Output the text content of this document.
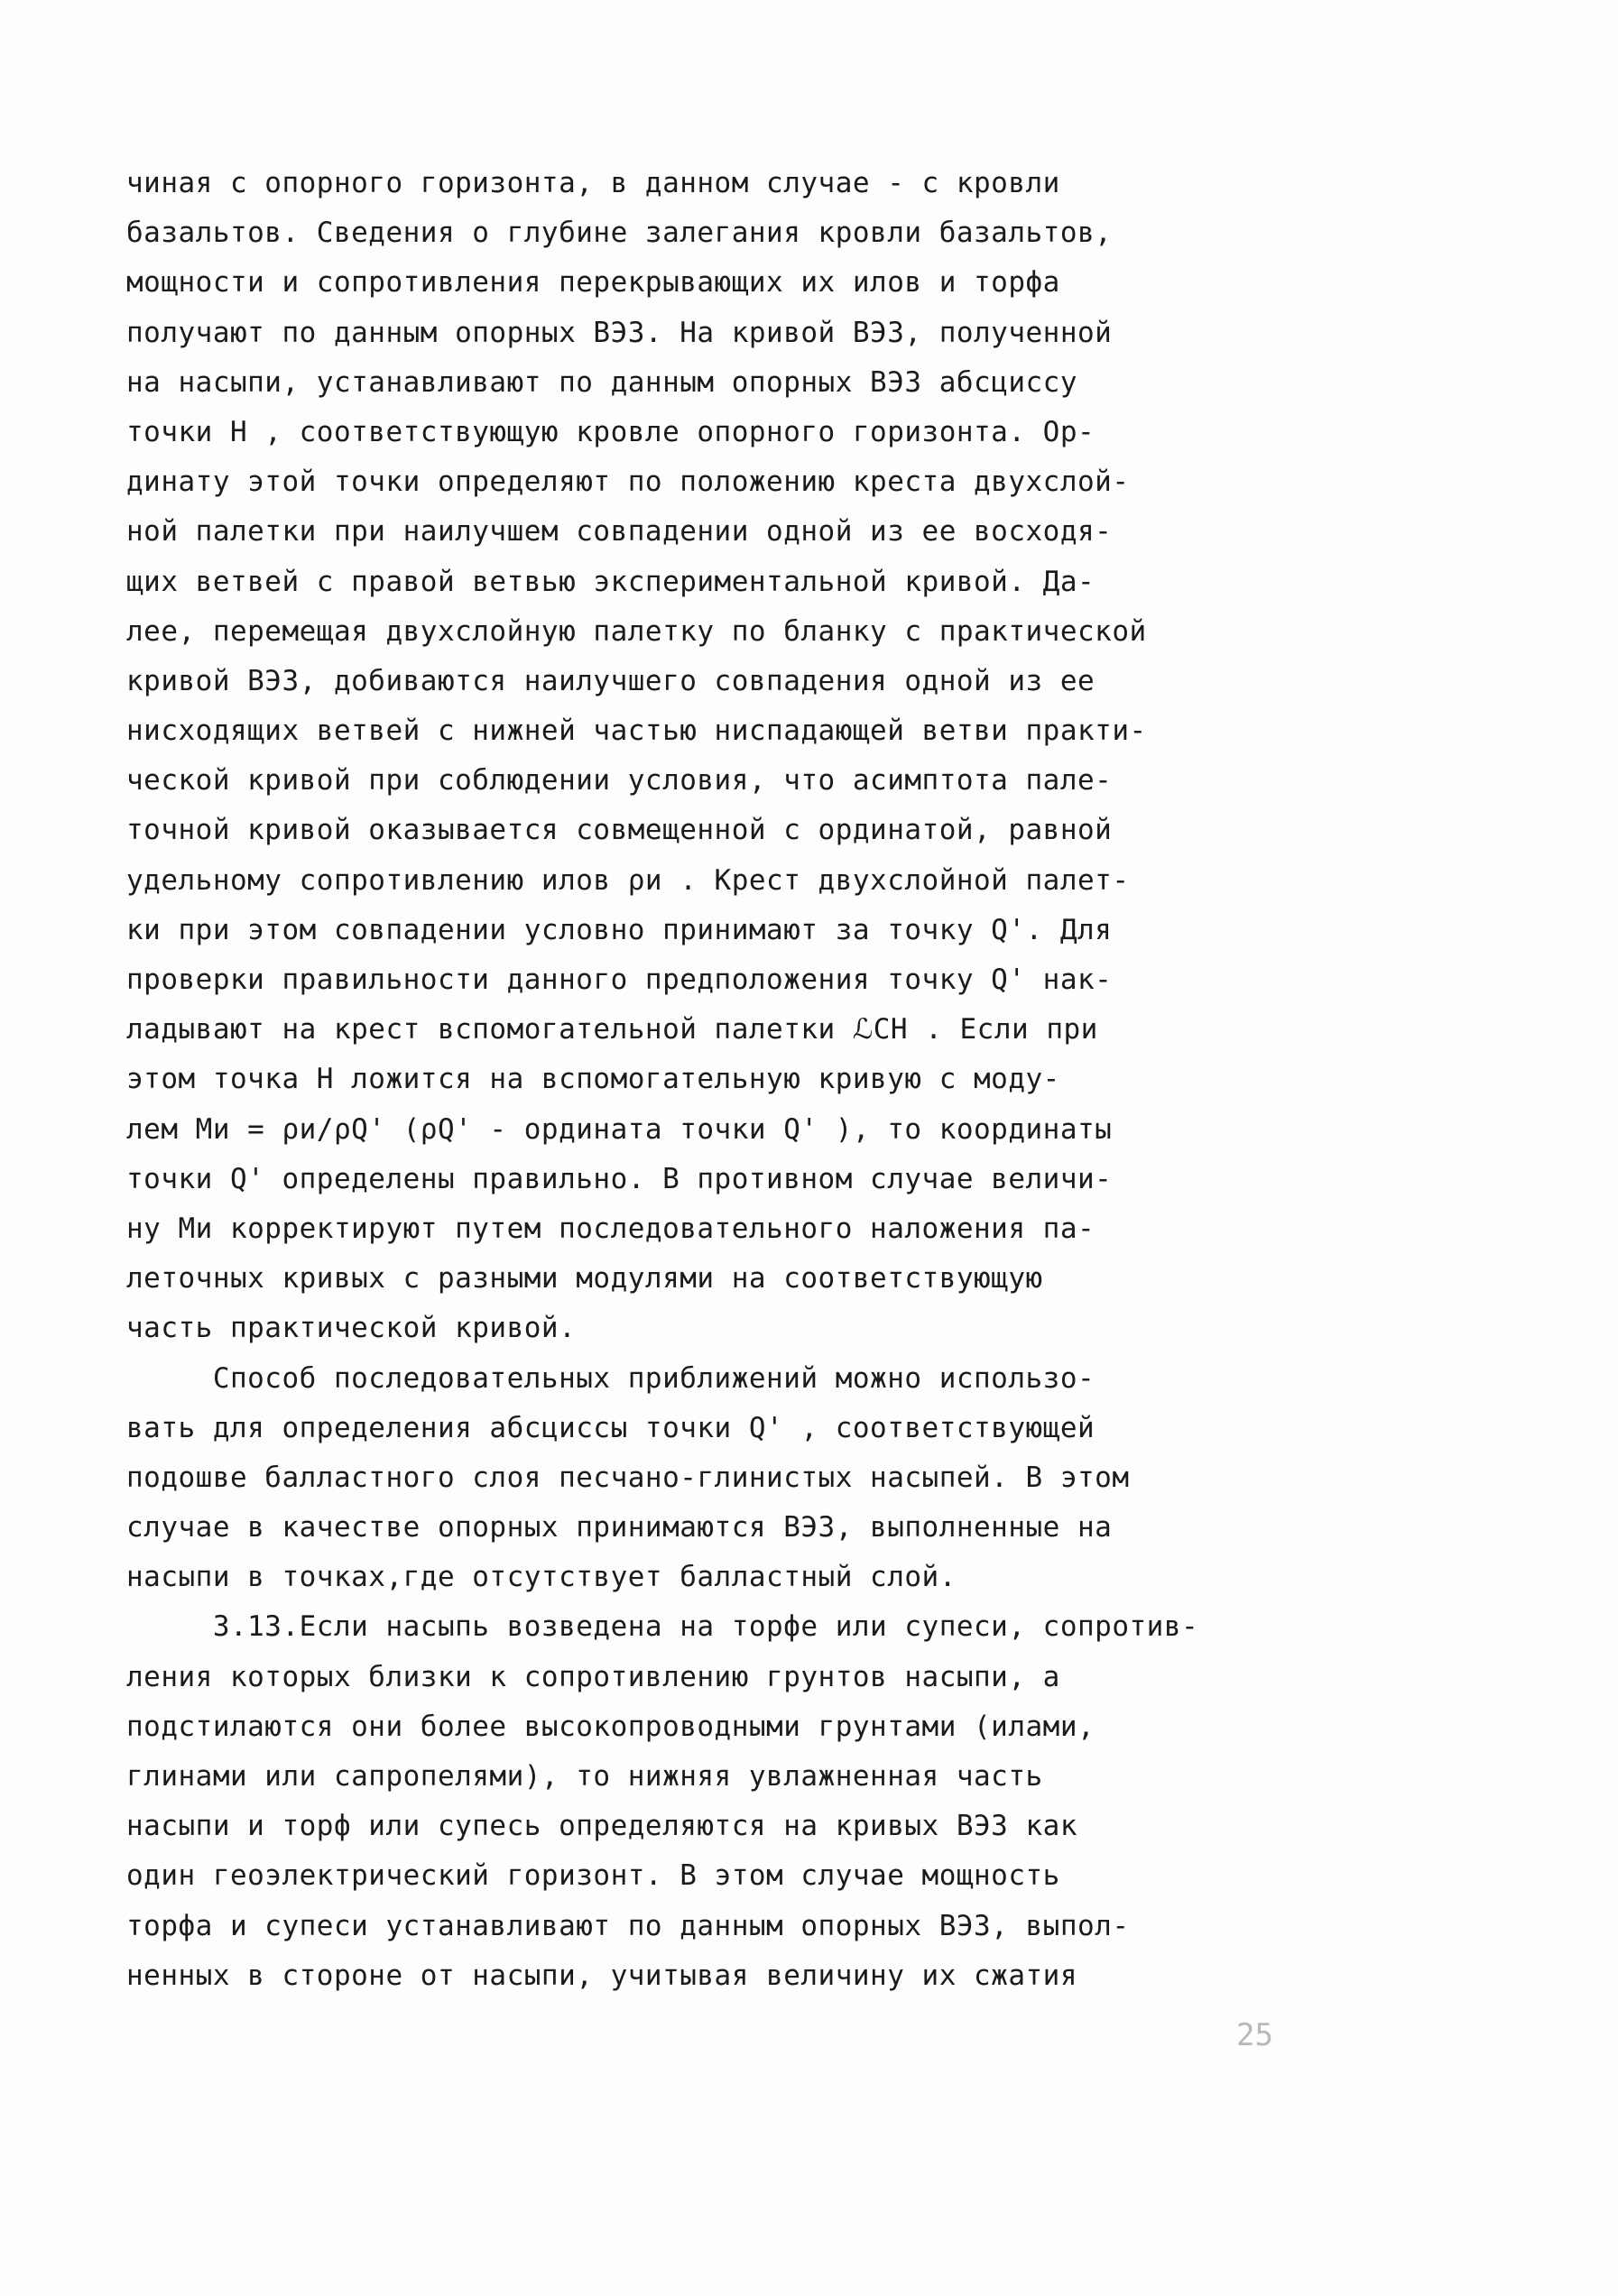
чиная с опорного горизонта, в данном случае - с кровли
базальтов. Сведения о глубине залегания кровли базальтов,
мощности и сопротивления перекрывающих их илов и торфа
получают по данным опорных ВЭЗ. На кривой ВЭЗ, полученной
на насыпи, устанавливают по данным опорных ВЭЗ абсциссу
точки H , соответствующую кровле опорного горизонта. Ор-
динату этой точки определяют по положению креста двухслой-
ной палетки при наилучшем совпадении одной из ее восходя-
щих ветвей с правой ветвью экспериментальной кривой. Да-
лее, перемещая двухслойную палетку по бланку с практической
кривой ВЭЗ, добиваются наилучшего совпадения одной из ее
нисходящих ветвей с нижней частью ниспадающей ветви практи-
ческой кривой при соблюдении условия, что асимптота пале-
точной кривой оказывается совмещенной с ординатой, равной
удельному сопротивлению илов ρи . Крест двухслойной палет-
ки при этом совпадении условно принимают за точку Q'. Для
проверки правильности данного предположения точку Q' нак-
ладывают на крест вспомогательной палетки ℒCH . Если при
этом точка H ложится на вспомогательную кривую с моду-
лем Mи = ρи/ρQ' (ρQ' - ордината точки Q' ), то координаты
точки Q' определены правильно. В противном случае величи-
ну Mи корректируют путем последовательного наложения па-
леточных кривых с разными модулями на соответствующую
часть практической кривой.
Способ последовательных приближений можно использо-
вать для определения абсциссы точки Q' , соответствующей
подошве балластного слоя песчано-глинистых насыпей. В этом
случае в качестве опорных принимаются ВЭЗ, выполненные на
насыпи в точках,где отсутствует балластный слой.
3.13.Если насыпь возведена на торфе или супеси, сопротив-
ления которых близки к сопротивлению грунтов насыпи, а
подстилаются они более высокопроводными грунтами (илами,
глинами или сапропелями), то нижняя увлажненная часть
насыпи и торф или супесь определяются на кривых ВЭЗ как
один геоэлектрический горизонт. В этом случае мощность
торфа и супеси устанавливают по данным опорных ВЭЗ, выпол-
ненных в стороне от насыпи, учитывая величину их сжатия
25
